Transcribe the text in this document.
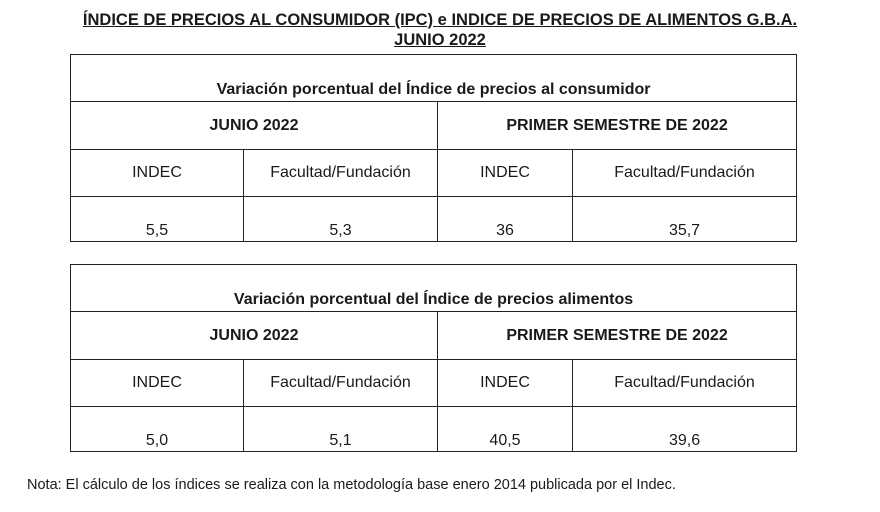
ÍNDICE DE PRECIOS AL CONSUMIDOR (IPC) e INDICE DE PRECIOS DE ALIMENTOS G.B.A.
JUNIO 2022
Variación porcentual del Índice de precios al consumidor			
JUNIO 2022		PRIMER SEMESTRE DE 2022	
INDEC	Facultad/Fundación	INDEC	Facultad/Fundación
5,5	5,3	36	35,7
Variación porcentual del Índice de precios alimentos			
JUNIO 2022		PRIMER SEMESTRE DE 2022	
INDEC	Facultad/Fundación	INDEC	Facultad/Fundación
5,0	5,1	40,5	39,6
Nota: El cálculo de los índices se realiza con la metodología base enero 2014 publicada por el Indec.
